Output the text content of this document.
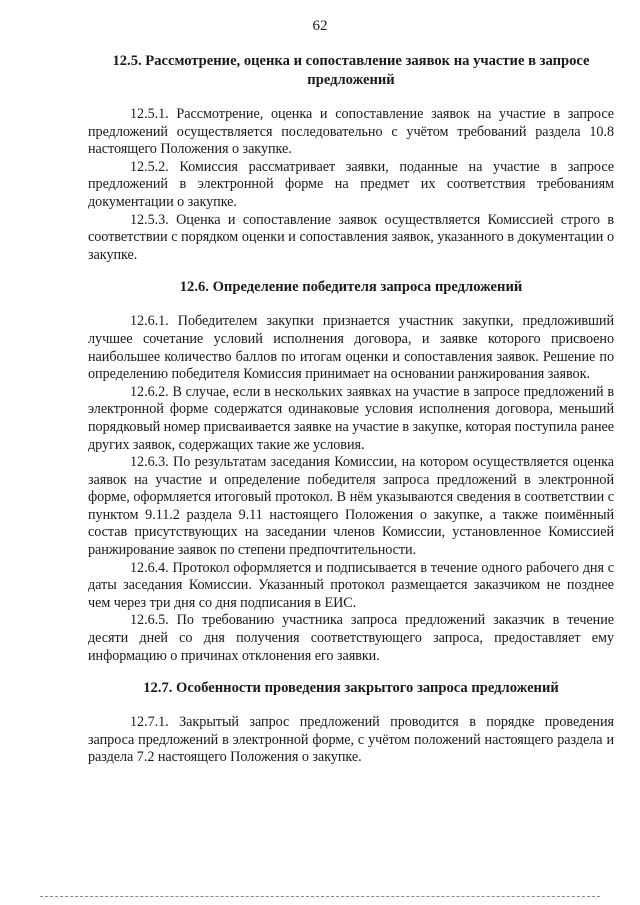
62
12.5. Рассмотрение, оценка и сопоставление заявок на участие в запросе предложений

12.5.1. Рассмотрение, оценка и сопоставление заявок на участие в запросе предложений осуществляется последовательно с учётом требований раздела 10.8 настоящего Положения о закупке.

12.5.2. Комиссия рассматривает заявки, поданные на участие в запросе предложений в электронной форме на предмет их соответствия требованиям документации о закупке.

12.5.3. Оценка и сопоставление заявок осуществляется Комиссией строго в соответствии с порядком оценки и сопоставления заявок, указанного в документации о закупке.

12.6. Определение победителя запроса предложений

12.6.1. Победителем закупки признается участник закупки, предложивший лучшее сочетание условий исполнения договора, и заявке которого присвоено наибольшее количество баллов по итогам оценки и сопоставления заявок. Решение по определению победителя Комиссия принимает на основании ранжирования заявок.

12.6.2. В случае, если в нескольких заявках на участие в запросе предложений в электронной форме содержатся одинаковые условия исполнения договора, меньший порядковый номер присваивается заявке на участие в закупке, которая поступила ранее других заявок, содержащих такие же условия.

12.6.3. По результатам заседания Комиссии, на котором осуществляется оценка заявок на участие и определение победителя запроса предложений в электронной форме, оформляется итоговый протокол. В нём указываются сведения в соответствии с пунктом 9.11.2 раздела 9.11 настоящего Положения о закупке, а также поимённый состав присутствующих на заседании членов Комиссии, установленное Комиссией ранжирование заявок по степени предпочтительности.

12.6.4. Протокол оформляется и подписывается в течение одного рабочего дня с даты заседания Комиссии. Указанный протокол размещается заказчиком не позднее чем через три дня со дня подписания в ЕИС.

12.6.5. По требованию участника запроса предложений заказчик в течение десяти дней со дня получения соответствующего запроса, предоставляет ему информацию о причинах отклонения его заявки.

12.7. Особенности проведения закрытого запроса предложений

12.7.1. Закрытый запрос предложений проводится в порядке проведения запроса предложений в электронной форме, с учётом положений настоящего раздела и раздела 7.2 настоящего Положения о закупке.
